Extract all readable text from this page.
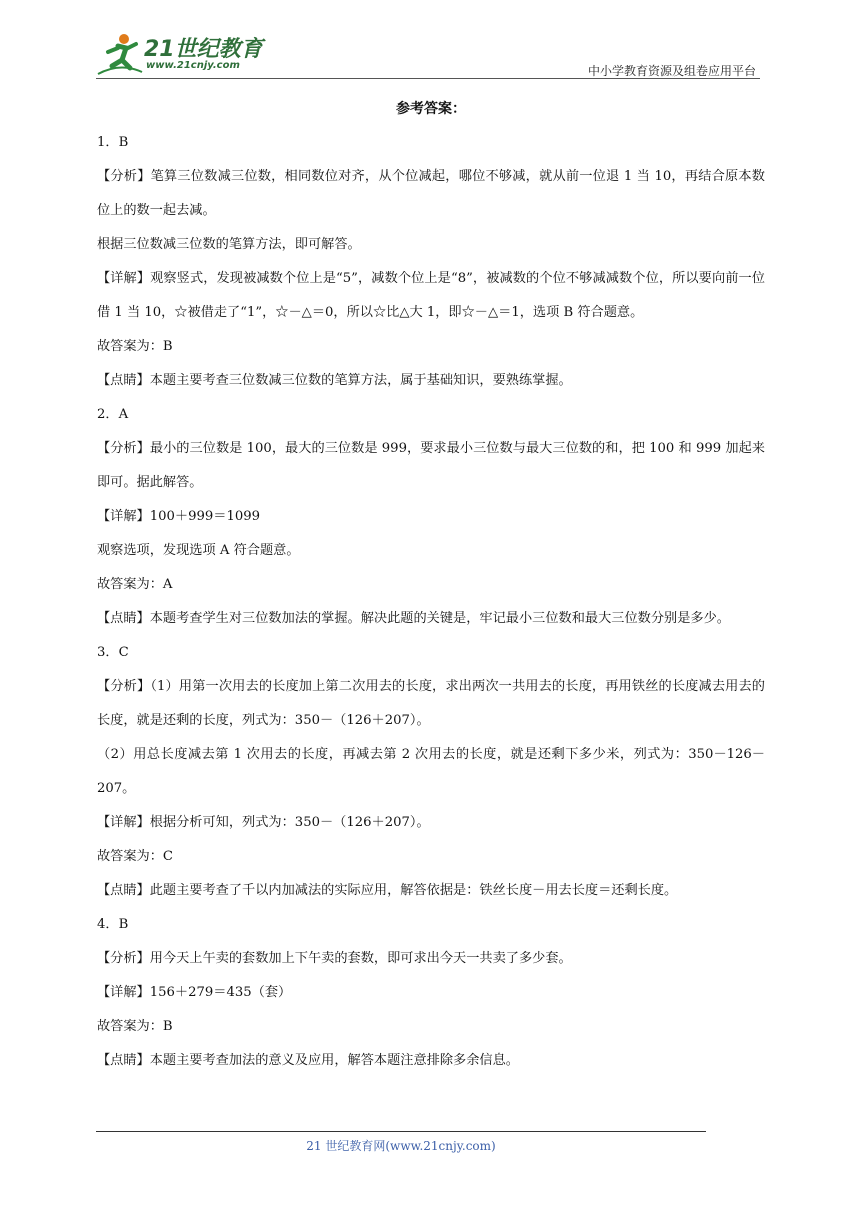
21世纪教育
www.21cnjy.com	中小学教育资源及组卷应用平台
参考答案：
1．B
【分析】笔算三位数减三位数，相同数位对齐，从个位减起，哪位不够减，就从前一位退 1 当 10，再结合原本数位上的数一起去减。
根据三位数减三位数的笔算方法，即可解答。
【详解】观察竖式，发现被减数个位上是“5”，减数个位上是“8”，被减数的个位不够减减数个位，所以要向前一位借 1 当 10，☆被借走了“1”，☆－△＝0，所以☆比△大 1，即☆－△＝1，选项 B 符合题意。
故答案为：B
【点睛】本题主要考查三位数减三位数的笔算方法，属于基础知识，要熟练掌握。
2．A
【分析】最小的三位数是 100，最大的三位数是 999，要求最小三位数与最大三位数的和，把 100 和 999 加起来即可。据此解答。
【详解】100＋999＝1099
观察选项，发现选项 A 符合题意。
故答案为：A
【点睛】本题考查学生对三位数加法的掌握。解决此题的关键是，牢记最小三位数和最大三位数分别是多少。
3．C
【分析】（1）用第一次用去的长度加上第二次用去的长度，求出两次一共用去的长度，再用铁丝的长度减去用去的长度，就是还剩的长度，列式为：350－（126＋207）。
（2）用总长度减去第 1 次用去的长度，再减去第 2 次用去的长度，就是还剩下多少米，列式为：350－126－207。
【详解】根据分析可知，列式为：350－（126＋207）。
故答案为：C
【点睛】此题主要考查了千以内加减法的实际应用，解答依据是：铁丝长度－用去长度＝还剩长度。
4．B
【分析】用今天上午卖的套数加上下午卖的套数，即可求出今天一共卖了多少套。
【详解】156＋279＝435（套）
故答案为：B
【点睛】本题主要考查加法的意义及应用，解答本题注意排除多余信息。
21 世纪教育网(www.21cnjy.com)
